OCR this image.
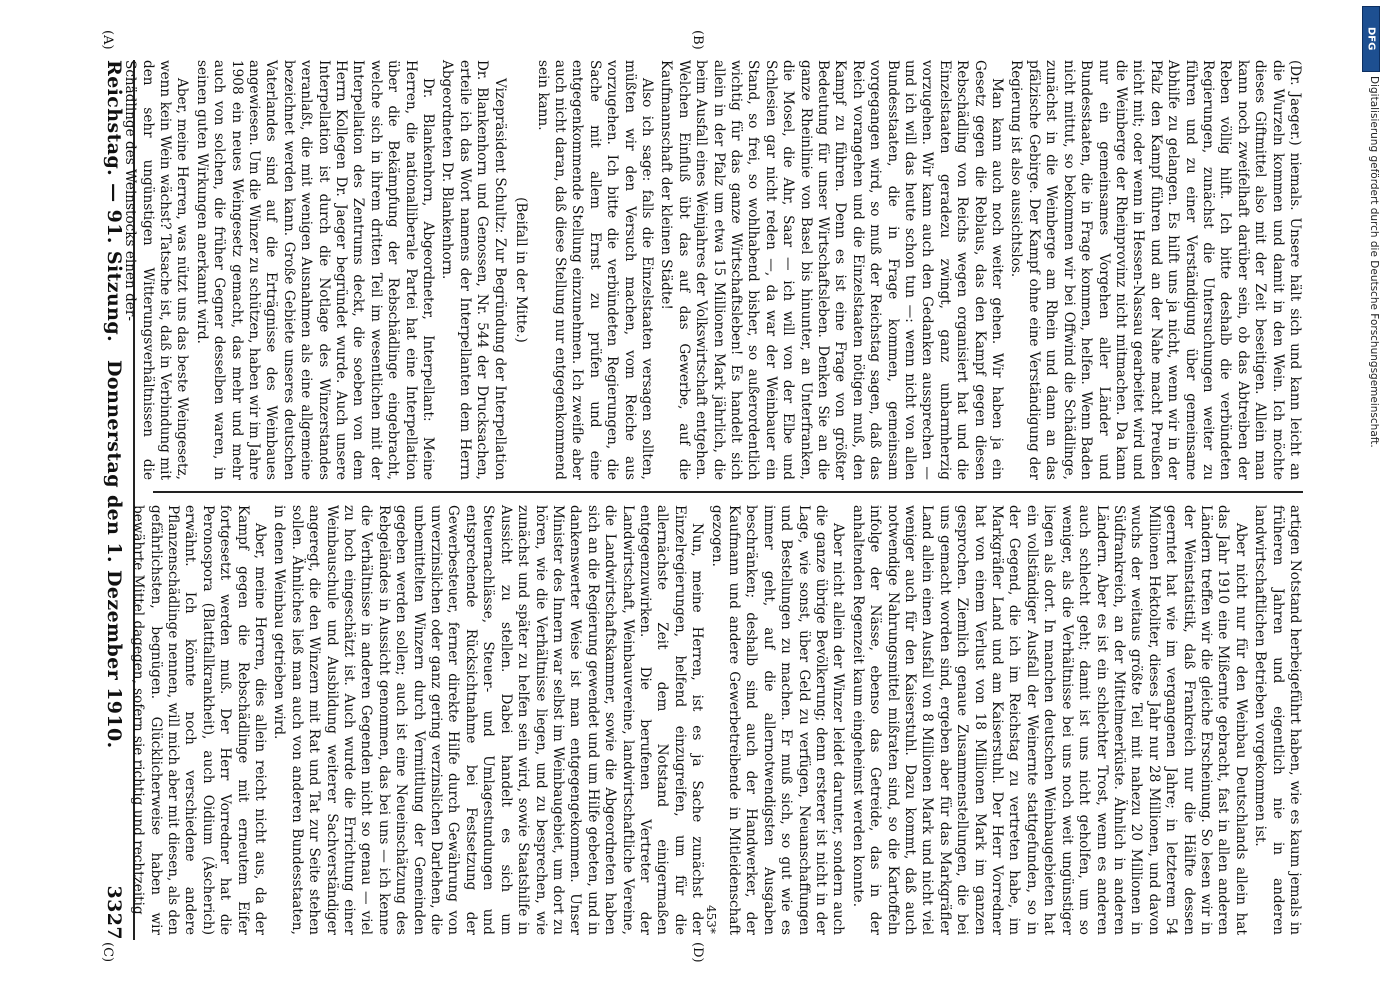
DFG
Digitalisierung gefördert durch die Deutsche Forschungsgemeinschaft.
Reichstag. — 91. Sitzung.
Donnerstag den 1. Dezember 1910.
3327
(A)	(B)
(C)	(D)

(Dr. Jaeger.) niemals. Unsere hält sich und kann leicht an die Wurzeln kommen und damit in den Wein. Ich möchte dieses Giftmittel also mit der Zeit beseitigen. Allein man kann noch zweifelhaft darüber sein, ob das Abtreiben der Reben völlig hilft. Ich bitte deshalb die verbündeten Regierungen, zunächst die Untersuchungen weiter zu führen und zu einer Verständigung über gemeinsame Abhilfe zu gelangen. Es hilft uns ja nicht, wenn wir in der Pfalz den Kampf führen und an der Nahe macht Preußen nicht mit; oder wenn in Hessen-Nassau gearbeitet wird und die Weinberge der Rheinprovinz nicht mitmachen. Da kann nur ein gemeinsames Vorgehen aller Länder und Bundesstaaten, die in Frage kommen, helfen. Wenn Baden nicht mittut, so bekommen wir bei Offwind die Schädlinge, zunächst in die Weinberge am Rhein und dann an das pfälzische Gebirge. Der Kampf ohne eine Verständigung der Regierung ist also aussichtslos.

Man kann auch noch weiter gehen. Wir haben ja ein Gesetz gegen die Reblaus, das den Kampf gegen diesen Rebschädling von Reichs wegen organisiert hat und die Einzelstaaten geradezu zwingt, ganz unbarmherzig vorzugehen. Wir kann auch den Gedanken aussprechen — und ich will das heute schon tun —: wenn nicht von allen Bundesstaaten, die in Frage kommen, gemeinsam vorgegangen wird, so muß der Reichstag sagen, daß das Reich vorangehen und die Einzelstaaten nötigen muß, den Kampf zu führen. Denn es ist eine Frage von größter Bedeutung für unser Wirtschaftsleben. Denken Sie an die ganze Rheinlinie von Basel bis hinunter, an Unterfranken, die Mosel, die Ahr, Saar — ich will von der Elbe und Schlesien gar nicht reden —, da war der Weinbauer ein Stand, so frei, so wohlhabend bisher, so außerordentlich wichtig für das ganze Wirtschaftsleben! Es handelt sich allein in der Pfalz um etwa 15 Millionen Mark jährlich, die beim Ausfall eines Weinjahres der Volkswirtschaft entgehen. Welchen Einfluß übt das auf das Gewerbe, auf die Kaufmannschaft der kleinen Städte!

Also ich sage: falls die Einzelstaaten versagen sollten, müßten wir den Versuch machen, vom Reiche aus vorzugehen. Ich bitte die verbündeten Regierungen, die Sache mit allem Ernst zu prüfen und eine entgegenkommende Stellung einzunehmen. Ich zweifle aber auch nicht daran, daß diese Stellung nur entgegenkommend sein kann.

(Beifall in der Mitte.)

Vizepräsident Schultz: Zur Begründung der Interpellation Dr. Blankenhorn und Genossen, Nr. 544 der Drucksachen, erteile ich das Wort namens der Interpellanten dem Herrn Abgeordneten Dr. Blankenhorn.

Dr. Blankenhorn, Abgeordneter, Interpellant: Meine Herren, die nationalliberale Partei hat eine Interpellation über die Bekämpfung der Rebschädlinge eingebracht, welche sich in ihrem dritten Teil im wesentlichen mit der Interpellation des Zentrums deckt, die soeben von dem Herrn Kollegen Dr. Jaeger begründet wurde. Auch unsere Interpellation ist durch die Notlage des Winzerstandes veranlaßt, die mit wenigen Ausnahmen als eine allgemeine bezeichnet werden kann. Große Gebiete unseres deutschen Vaterlandes sind auf die Erträgnisse des Weinbaues angewiesen. Um die Winzer zu schützen, haben wir im Jahre 1908 ein neues Weingesetz gemacht, das mehr und mehr auch von solchen, die früher Gegner desselben waren, in seinen guten Wirkungen anerkannt wird.

Aber, meine Herren, was nützt uns das beste Weingesetz, wenn kein Wein wächst? Tatsache ist, daß in Verbindung mit den sehr ungünstigen Witterungsverhältnissen die Schädlinge des Weinstocks einen der-

artigen Notstand herbeigeführt haben, wie es kaum jemals in früheren Jahren und eigentlich nie in anderen landwirtschaftlichen Betrieben vorgekommen ist.

Aber nicht nur für den Weinbau Deutschlands allein hat das Jahr 1910 eine Mißernte gebracht, fast in allen anderen Ländern treffen wir die gleiche Erscheinung. So lesen wir in der Weinstatistik, daß Frankreich nur die Hälfte dessen geerntet hat wie im vergangenen Jahre; in letzterem 54 Millionen Hektoliter, dieses Jahr nur 28 Millionen, und davon wuchs der weitaus größte Teil mit nahezu 20 Millionen in Südfrankreich, an der Mittelmeerküste. Ähnlich in anderen Ländern. Aber es ist ein schlechter Trost, wenn es anderen auch schlecht geht; damit ist uns nicht geholfen, um so weniger, als die Verhältnisse bei uns noch weit ungünstiger liegen als dort. In manchen deutschen Weinbaugebieten hat ein vollständiger Ausfall der Weinernte stattgefunden, so in der Gegend, die ich im Reichstag zu vertreten habe, im Markgräfler Land und am Kaiserstuhl. Der Herr Vorredner hat von einem Verlust von 18 Millionen Mark im ganzen gesprochen. Ziemlich genaue Zusammenstellungen, die bei uns gemacht worden sind, ergeben aber für das Markgräfler Land allein einen Ausfall von 8 Millionen Mark und nicht viel weniger auch für den Kaiserstuhl. Dazu kommt, daß auch notwendige Nahrungsmittel mißraten sind, so die Kartoffeln infolge der Nässe, ebenso das Getreide, das in der anhaltenden Regenzeit kaum eingeheimst werden konnte.

Aber nicht allein der Winzer leidet darunter, sondern auch die ganze übrige Bevölkerung; denn ersterer ist nicht in der Lage, wie sonst, über Geld zu verfügen, Neuanschaffungen und Bestellungen zu machen. Er muß sich, so gut wie es immer geht, auf die allernotwendigsten Ausgaben beschränken; deshalb sind auch der Handwerker, der Kaufmann und andere Gewerbetreibende in Mitleidenschaft gezogen.

Nun, meine Herren, ist es ja Sache zunächst der Einzelregierungen, helfend einzugreifen, um für die allernächste Zeit dem Notstand einigermaßen entgegenzuwirken. Die berufenen Vertreter der Landwirtschaft, Weinbauvereine, landwirtschaftliche Vereine, die Landwirtschaftskammer, sowie die Abgeordneten haben sich an die Regierung gewendet und um Hilfe gebeten, und in dankenswerter Weise ist man entgegengekommen. Unser Minister des Innern war selbst im Weinbaugebiet, um dort zu hören, wie die Verhältnisse liegen, und zu besprechen, wie zunächst und später zu helfen sein wird, sowie Staatshilfe in Aussicht zu stellen. Dabei handelt es sich um Steuernachlässe, Steuer- und Umlagestundungen und entsprechende Rücksichtnahme bei Festsetzung der Gewerbesteuer, ferner direkte Hilfe durch Gewährung von unverzinslichen oder ganz gering verzinslichen Darlehen, die unbemittelten Winzern durch Vermittlung der Gemeinden gegeben werden sollen; auch ist eine Neueinschätzung des Rebgeländes in Aussicht genommen, das bei uns — ich kenne die Verhältnisse in anderen Gegenden nicht so genau — viel zu hoch eingeschätzt ist. Auch wurde die Errichtung einer Weinbauschule und Ausbildung weiterer Sachverständiger angeregt, die den Winzern mit Rat und Tat zur Seite stehen sollen. Ähnliches ließ man auch von anderen Bundesstaaten, in denen Weinbau getrieben wird.

Aber, meine Herren, dies allein reicht nicht aus, da der Kampf gegen die Rebschädlinge mit erneutem Eifer fortgesetzt werden muß. Der Herr Vorredner hat die Peronospora (Blattfallkrankheit), auch Oidium (Äscherich) erwähnt. Ich könnte noch verschiedene andere Pflanzenschädlinge nennen, will mich aber mit diesen, als den gefährlichsten, begnügen. Glücklicherweise haben wir bewährte Mittel dagegen, sofern sie richtig und rechtzeitig

453*
